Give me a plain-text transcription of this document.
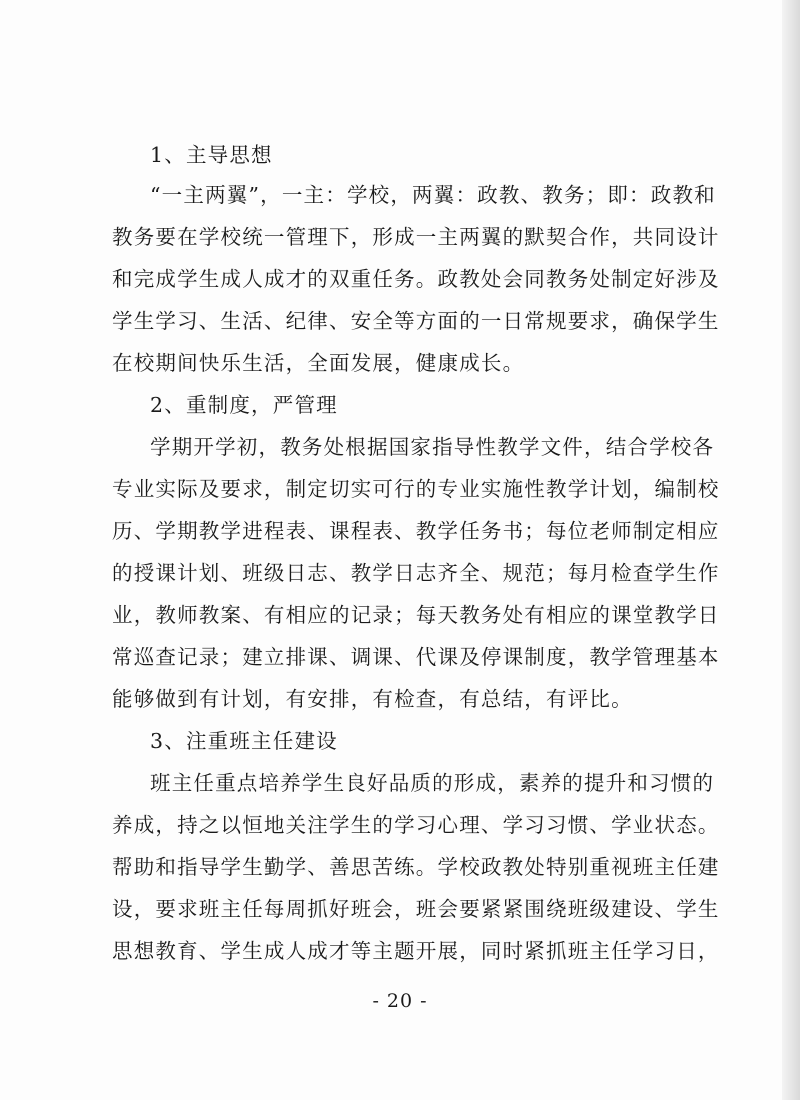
1、主导思想
“一主两翼”，一主：学校，两翼：政教、教务；即：政教和
教务要在学校统一管理下，形成一主两翼的默契合作，共同设计
和完成学生成人成才的双重任务。政教处会同教务处制定好涉及
学生学习、生活、纪律、安全等方面的一日常规要求，确保学生
在校期间快乐生活，全面发展，健康成长。
2、重制度，严管理
学期开学初，教务处根据国家指导性教学文件，结合学校各
专业实际及要求，制定切实可行的专业实施性教学计划，编制校
历、学期教学进程表、课程表、教学任务书；每位老师制定相应
的授课计划、班级日志、教学日志齐全、规范；每月检查学生作
业，教师教案、有相应的记录；每天教务处有相应的课堂教学日
常巡查记录；建立排课、调课、代课及停课制度，教学管理基本
能够做到有计划，有安排，有检查，有总结，有评比。
3、注重班主任建设
班主任重点培养学生良好品质的形成，素养的提升和习惯的
养成，持之以恒地关注学生的学习心理、学习习惯、学业状态。
帮助和指导学生勤学、善思苦练。学校政教处特别重视班主任建
设，要求班主任每周抓好班会，班会要紧紧围绕班级建设、学生
思想教育、学生成人成才等主题开展，同时紧抓班主任学习日，
- 20 -
